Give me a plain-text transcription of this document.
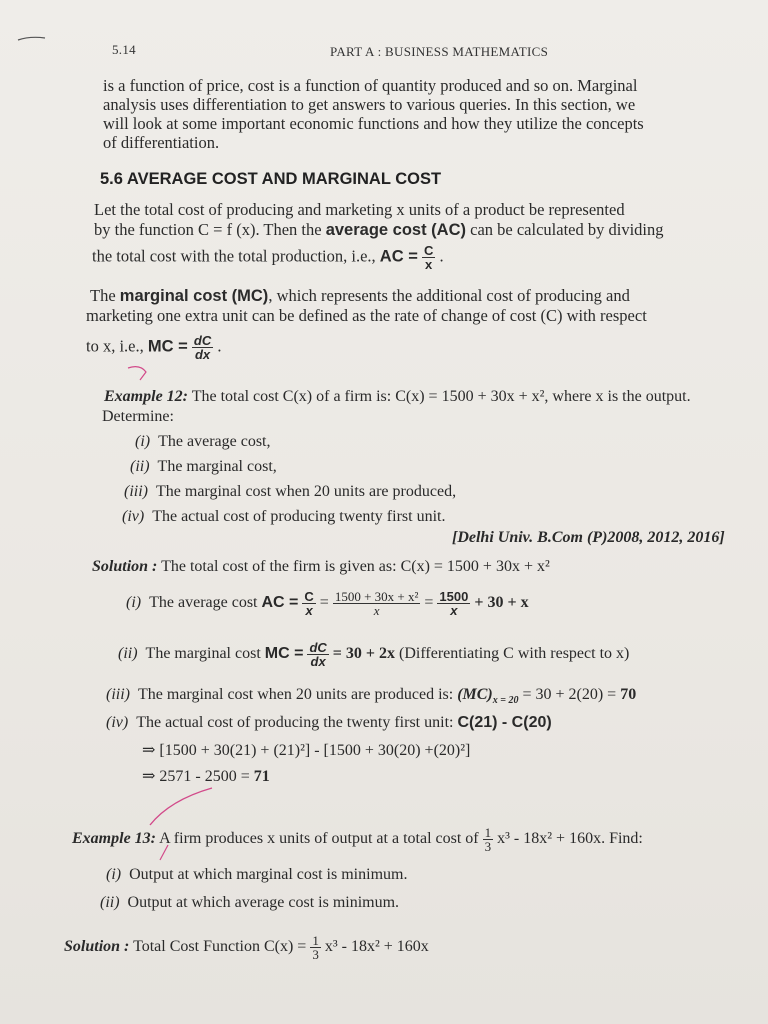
5.14	PART A : BUSINESS MATHEMATICS
is a function of price, cost is a function of quantity produced and so on. Marginal
analysis uses differentiation to get answers to various queries. In this section, we
will look at some important economic functions and how they utilize the concepts
of differentiation.
5.6 AVERAGE COST AND MARGINAL COST
Let the total cost of producing and marketing x units of a product be represented
by the function C = f (x). Then the average cost (AC) can be calculated by dividing
the total cost with the total production, i.e., AC = $\frac{C}{x}$ .
The marginal cost (MC), which represents the additional cost of producing and
marketing one extra unit can be defined as the rate of change of cost (C) with respect
to x, i.e., MC = $\frac{dC}{dx}$ .
Example 12: The total cost C(x) of a firm is: C(x) = 1500 + 30x + x², where x is the output.
Determine:
(i) The average cost,
(ii) The marginal cost,
(iii) The marginal cost when 20 units are produced,
(iv) The actual cost of producing twenty first unit.
[Delhi Univ. B.Com (P)2008, 2012, 2016]
Solution : The total cost of the firm is given as: C(x) = 1500 + 30x + x²
(i) The average cost AC = $\frac{C}{x} = \frac{\text{1500 + 30x + x²}}{x} = \frac{1500}{x} + 30 + x$
(ii) The marginal cost MC = $\frac{dC}{dx} = 30 + 2x$ (Differentiating C with respect to x)
(iii) The marginal cost when 20 units are produced is: $(MC)_{x = 20} = 30 + 2(20) = 70$
(iv) The actual cost of producing the twenty first unit: C(21) - C(20)
⇒ [1500 + 30(21) + (21)²] - [1500 + 30(20) +(20)²]
⇒ 2571 - 2500 = 71
Example 13: A firm produces x units of output at a total cost of $\frac{1}{3} x^3 - 18x^2 + 160x$. Find:
(i) Output at which marginal cost is minimum.
(ii) Output at which average cost is minimum.
Solution : Total Cost Function $C(x) = \frac{1}{3} x^3 - 18x^2 + 160x$
